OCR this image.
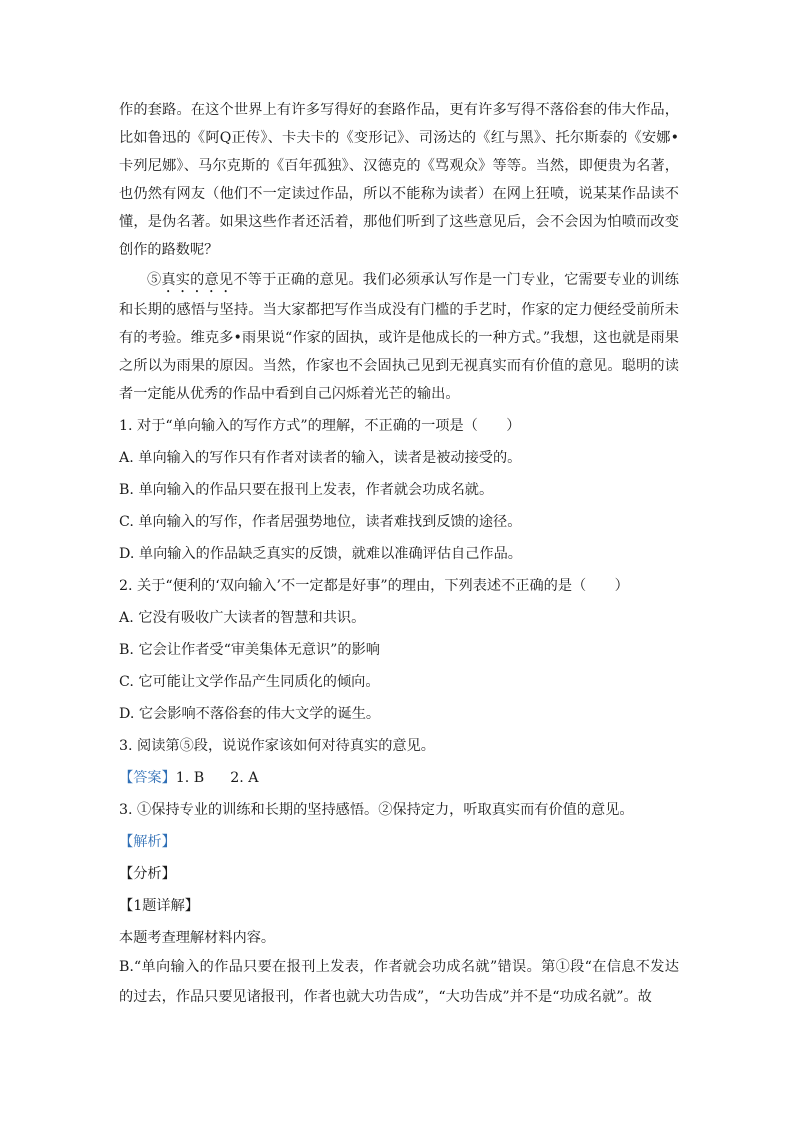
作的套路。在这个世界上有许多写得好的套路作品，更有许多写得不落俗套的伟大作品，比如鲁迅的《阿Q正传》、卡夫卡的《变形记》、司汤达的《红与黑》、托尔斯泰的《安娜•卡列尼娜》、马尔克斯的《百年孤独》、汉德克的《骂观众》等等。当然，即便贵为名著，也仍然有网友（他们不一定读过作品，所以不能称为读者）在网上狂喷，说某某作品读不懂，是伪名著。如果这些作者还活着，那他们听到了这些意见后，会不会因为怕喷而改变创作的路数呢？

⑤真实的意见不等于正确的意见。我们必须承认写作是一门专业，它需要专业的训练和长期的感悟与坚持。当大家都把写作当成没有门槛的手艺时，作家的定力便经受前所未有的考验。维克多•雨果说“作家的固执，或许是他成长的一种方式。”我想，这也就是雨果之所以为雨果的原因。当然，作家也不会固执己见到无视真实而有价值的意见。聪明的读者一定能从优秀的作品中看到自己闪烁着光芒的输出。

1. 对于“单向输入的写作方式”的理解，不正确的一项是（　　）

A. 单向输入的写作只有作者对读者的输入，读者是被动接受的。

B. 单向输入的作品只要在报刊上发表，作者就会功成名就。

C. 单向输入的写作，作者居强势地位，读者难找到反馈的途径。

D. 单向输入的作品缺乏真实的反馈，就难以准确评估自己作品。

2. 关于“便利的‘双向输入’不一定都是好事”的理由，下列表述不正确的是（　　）

A. 它没有吸收广大读者的智慧和共识。

B. 它会让作者受“审美集体无意识”的影响

C. 它可能让文学作品产生同质化的倾向。

D. 它会影响不落俗套的伟大文学的诞生。

3. 阅读第⑤段，说说作家该如何对待真实的意见。

【答案】1. B 2. A

3. ①保持专业的训练和长期的坚持感悟。②保持定力，听取真实而有价值的意见。

【解析】

【分析】

【1题详解】

本题考查理解材料内容。

B.“单向输入的作品只要在报刊上发表，作者就会功成名就”错误。第①段“在信息不发达的过去，作品只要见诸报刊，作者也就大功告成”，“大功告成”并不是“功成名就”。故
